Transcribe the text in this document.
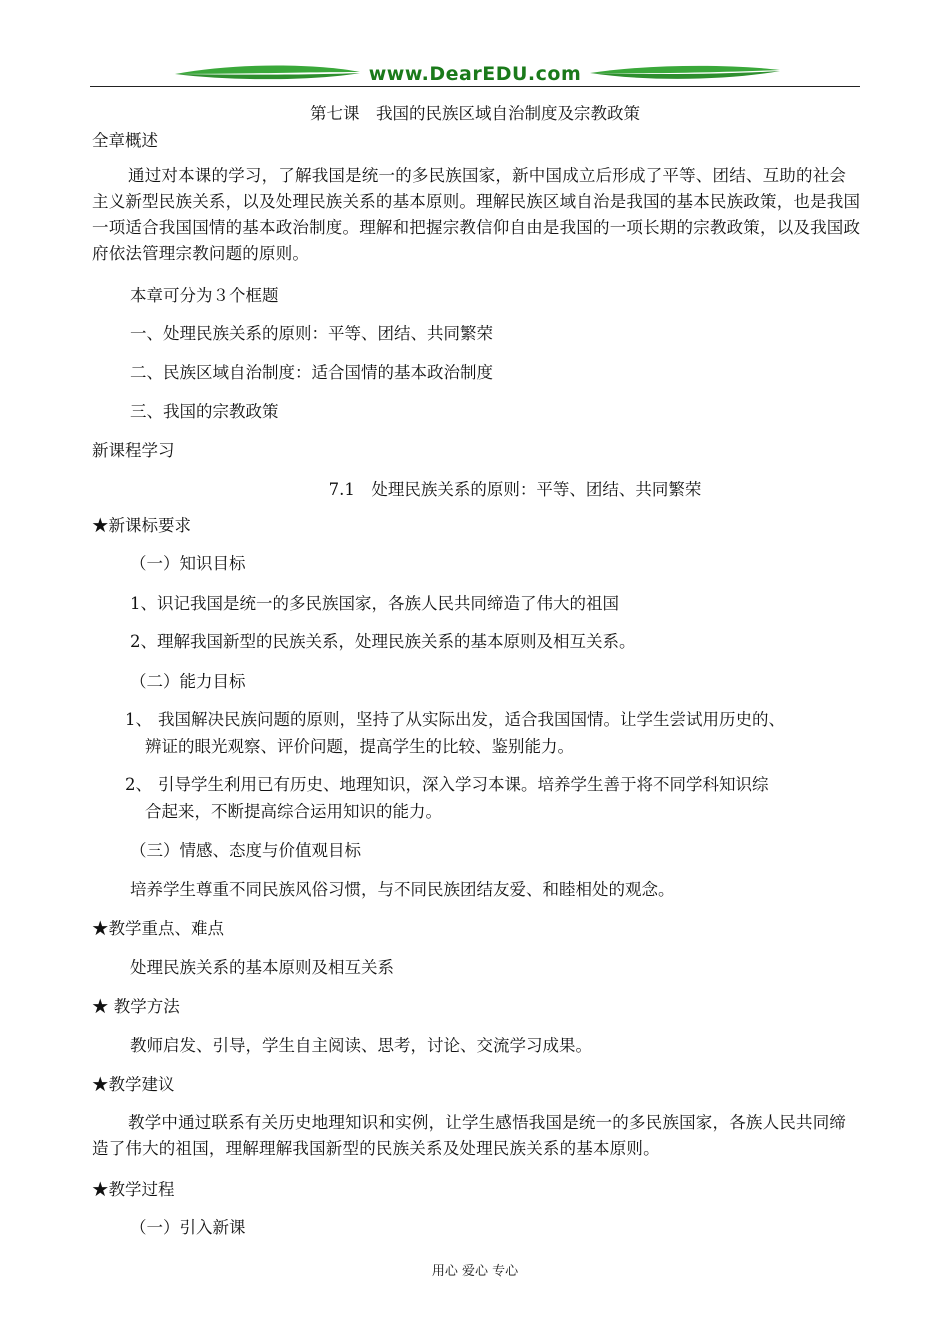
www.DearEDU.com
第七课　我国的民族区域自治制度及宗教政策
全章概述
通过对本课的学习，了解我国是统一的多民族国家，新中国成立后形成了平等、团结、互助的社会主义新型民族关系，以及处理民族关系的基本原则。理解民族区域自治是我国的基本民族政策，也是我国一项适合我国国情的基本政治制度。理解和把握宗教信仰自由是我国的一项长期的宗教政策，以及我国政府依法管理宗教问题的原则。
本章可分为３个框题
一、处理民族关系的原则：平等、团结、共同繁荣
二、民族区域自治制度：适合国情的基本政治制度
三、我国的宗教政策
新课程学习
7.1　处理民族关系的原则：平等、团结、共同繁荣
★新课标要求
（一）知识目标
1、识记我国是统一的多民族国家，各族人民共同缔造了伟大的祖国
2、理解我国新型的民族关系，处理民族关系的基本原则及相互关系。
（二）能力目标
1、 我国解决民族问题的原则，坚持了从实际出发，适合我国国情。让学生尝试用历史的、
辨证的眼光观察、评价问题，提高学生的比较、鉴别能力。
2、 引导学生利用已有历史、地理知识，深入学习本课。培养学生善于将不同学科知识综
合起来，不断提高综合运用知识的能力。
（三）情感、态度与价值观目标
培养学生尊重不同民族风俗习惯，与不同民族团结友爱、和睦相处的观念。
★教学重点、难点
处理民族关系的基本原则及相互关系
★ 教学方法
教师启发、引导，学生自主阅读、思考，讨论、交流学习成果。
★教学建议
教学中通过联系有关历史地理知识和实例，让学生感悟我国是统一的多民族国家，各族人民共同缔造了伟大的祖国，理解理解我国新型的民族关系及处理民族关系的基本原则。
★教学过程
（一）引入新课
用心 爱心 专心
